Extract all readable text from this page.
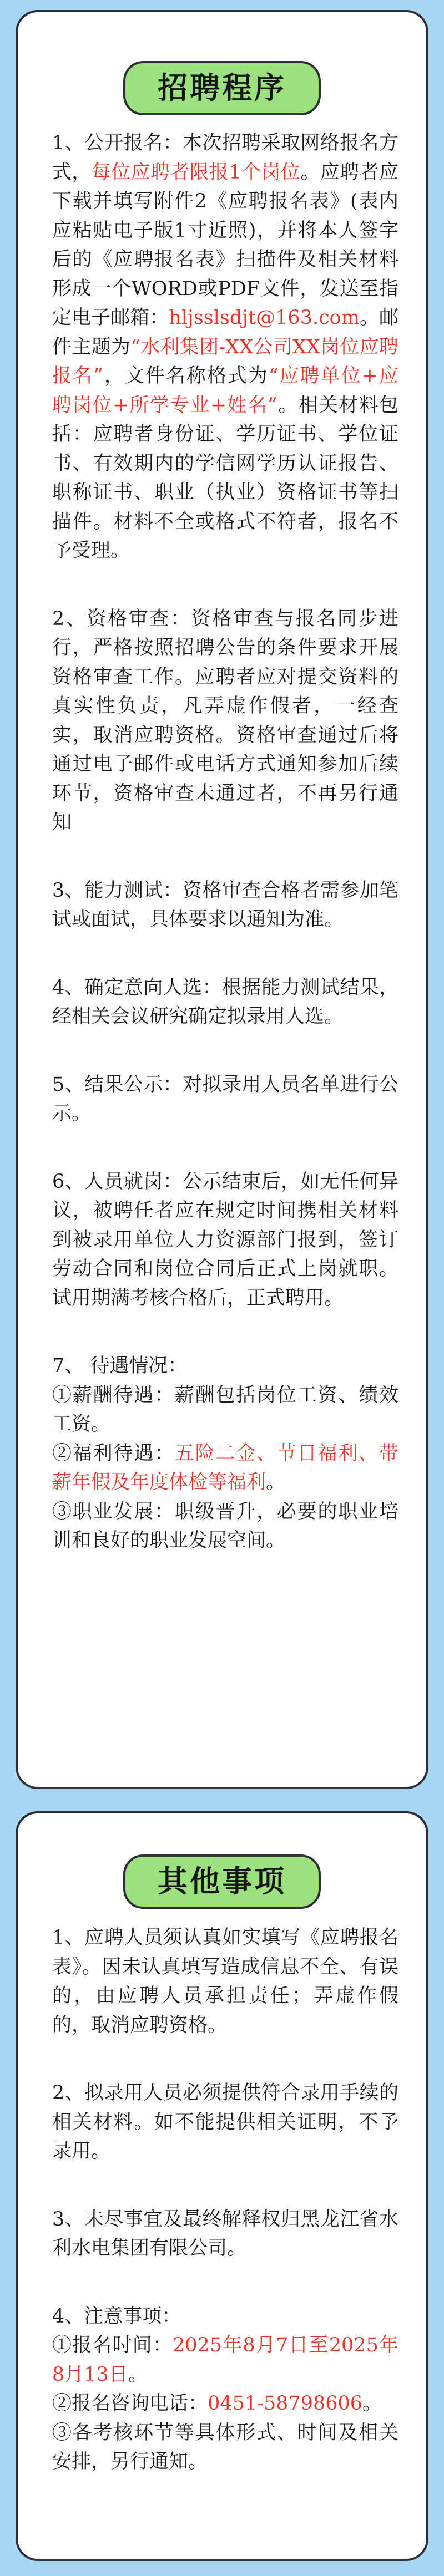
招聘程序

1、公开报名：本次招聘采取网络报名方式，每位应聘者限报1个岗位。应聘者应下载并填写附件2《应聘报名表》(表内应粘贴电子版1寸近照)，并将本人签字后的《应聘报名表》扫描件及相关材料形成一个WORD或PDF文件，发送至指定电子邮箱：hljsslsdjt@163.com。邮件主题为“水利集团-XX公司XX岗位应聘报名”，文件名称格式为“应聘单位+应聘岗位+所学专业+姓名”。相关材料包括：应聘者身份证、学历证书、学位证书、有效期内的学信网学历认证报告、职称证书、职业（执业）资格证书等扫描件。材料不全或格式不符者，报名不予受理。

2、资格审查：资格审查与报名同步进行，严格按照招聘公告的条件要求开展资格审查工作。应聘者应对提交资料的真实性负责，凡弄虚作假者，一经查实，取消应聘资格。资格审查通过后将通过电子邮件或电话方式通知参加后续环节，资格审查未通过者，不再另行通知

3、能力测试：资格审查合格者需参加笔试或面试，具体要求以通知为准。

4、确定意向人选：根据能力测试结果，经相关会议研究确定拟录用人选。

5、结果公示：对拟录用人员名单进行公示。

6、人员就岗：公示结束后，如无任何异议，被聘任者应在规定时间携相关材料到被录用单位人力资源部门报到，签订劳动合同和岗位合同后正式上岗就职。试用期满考核合格后，正式聘用。

7、 待遇情况：

①薪酬待遇：薪酬包括岗位工资、绩效工资。

②福利待遇：五险二金、节日福利、带薪年假及年度体检等福利。

③职业发展：职级晋升，必要的职业培训和良好的职业发展空间。

其他事项

1、应聘人员须认真如实填写《应聘报名表》。因未认真填写造成信息不全、有误的，由应聘人员承担责任；弄虚作假的，取消应聘资格。

2、拟录用人员必须提供符合录用手续的相关材料。如不能提供相关证明，不予录用。

3、未尽事宜及最终解释权归黑龙江省水利水电集团有限公司。

4、注意事项：

①报名时间：2025年8月7日至2025年8月13日。

②报名咨询电话：0451-58798606。

③各考核环节等具体形式、时间及相关安排，另行通知。
